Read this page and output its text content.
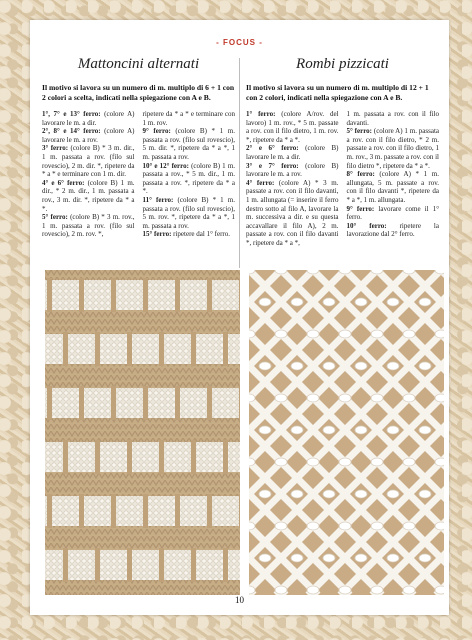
- FOCUS -
Mattoncini alternati

Il motivo si lavora su un numero di m. multiplo di 6 + 1 con 2 colori a scelta, indicati nella spiegazione con A e B.

1°, 7° e 13° ferro: (colore A) lavorare le m. a dir.

2°, 8° e 14° ferro: (colore A) lavorare le m. a rov.

3° ferro: (colore B) * 3 m. dir., 1 m. passata a rov. (filo sul rovescio), 2 m. dir. *, ripetere da * a * e terminare con 1 m. dir.

4° e 6° ferro: (colore B) 1 m. dir., * 2 m. dir., 1 m. passata a rov., 3 m. dir. *, ripetere da * a *.

5° ferro: (colore B) * 3 m. rov., 1 m. passata a rov. (filo sul rovescio), 2 m. rov. *,

ripetere da * a * e terminare con 1 m. rov.

9° ferro: (colore B) * 1 m. passata a rov. (filo sul rovescio), 5 m. dir. *, ripetere da * a *, 1 m. passata a rov.

10° e 12° ferro: (colore B) 1 m. passata a rov., * 5 m. dir., 1 m. passata a rov. *, ripetere da * a *.

11° ferro: (colore B) * 1 m. passata a rov. (filo sul rovescio), 5 m. rov. *, ripetere da * a *, 1 m. passata a rov.

15° ferro: ripetere dal 1° ferro.

Rombi pizzicati

Il motivo si lavora su un numero di m. multiplo di 12 + 1 con 2 colori, indicati nella spiegazione con A e B.

1° ferro: (colore A/rov. del lavoro) 1 m. rov., * 5 m. passate a rov. con il filo dietro, 1 m. rov. *, ripetere da * a *.

2° e 6° ferro: (colore B) lavorare le m. a dir.

3° e 7° ferro: (colore B) lavorare le m. a rov.

4° ferro: (colore A) * 3 m. passate a rov. con il filo davanti, 1 m. allungata (= inserire il ferro destro sotto al filo A, lavorare la m. successiva a dir. e su questa accavallare il filo A), 2 m. passate a rov. con il filo davanti *, ripetere da * a *,

1 m. passata a rov. con il filo davanti.

5° ferro: (colore A) 1 m. passata a rov. con il filo dietro, * 2 m. passate a rov. con il filo dietro, 1 m. rov., 3 m. passate a rov. con il filo dietro *, ripetere da * a *.

8° ferro: (colore A) * 1 m. allungata, 5 m. passate a rov. con il filo davanti *, ripetere da * a *, 1 m. allungata.

9° ferro: lavorare come il 1° ferro.

10° ferro: ripetere la lavorazione dal 2° ferro.

10
